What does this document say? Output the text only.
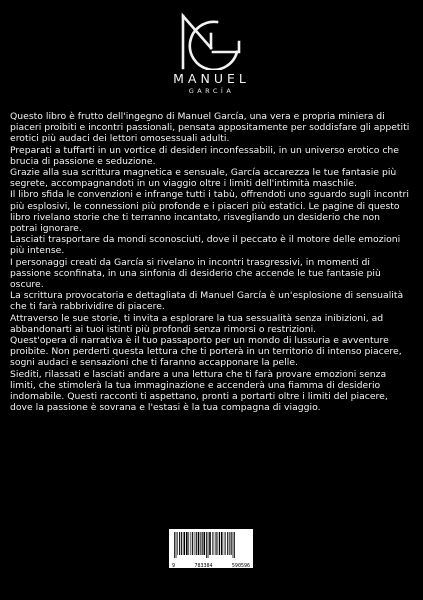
MANUEL
GARCÍA

Questo libro è frutto dell'ingegno di Manuel García, una vera e propria miniera di piaceri proibiti e incontri passionali, pensata appositamente per soddisfare gli appetiti erotici più audaci dei lettori omosessuali adulti.

Preparati a tuffarti in un vortice di desideri inconfessabili, in un universo erotico che brucia di passione e seduzione.

Grazie alla sua scrittura magnetica e sensuale, García accarezza le tue fantasie più segrete, accompagnandoti in un viaggio oltre i limiti dell'intimità maschile.

Il libro sfida le convenzioni e infrange tutti i tabù, offrendoti uno sguardo sugli incontri più esplosivi, le connessioni più profonde e i piaceri più estatici. Le pagine di questo libro rivelano storie che ti terranno incantato, risvegliando un desiderio che non potrai ignorare.

Lasciati trasportare da mondi sconosciuti, dove il peccato è il motore delle emozioni più intense.

I personaggi creati da García si rivelano in incontri trasgressivi, in momenti di passione sconfinata, in una sinfonia di desiderio che accende le tue fantasie più oscure.

La scrittura provocatoria e dettagliata di Manuel García è un'esplosione di sensualità che ti farà rabbrividire di piacere.

Attraverso le sue storie, ti invita a esplorare la tua sessualità senza inibizioni, ad abbandonarti ai tuoi istinti più profondi senza rimorsi o restrizioni.

Quest'opera di narrativa è il tuo passaporto per un mondo di lussuria e avventure proibite. Non perderti questa lettura che ti porterà in un territorio di intenso piacere, sogni audaci e sensazioni che ti faranno accapponare la pelle.

Siediti, rilassati e lasciati andare a una lettura che ti farà provare emozioni senza limiti, che stimolerà la tua immaginazione e accenderà una fiamma di desiderio indomabile. Questi racconti ti aspettano, pronti a portarti oltre i limiti del piacere, dove la passione è sovrana e l'estasi è la tua compagna di viaggio.

9	783384	590596
